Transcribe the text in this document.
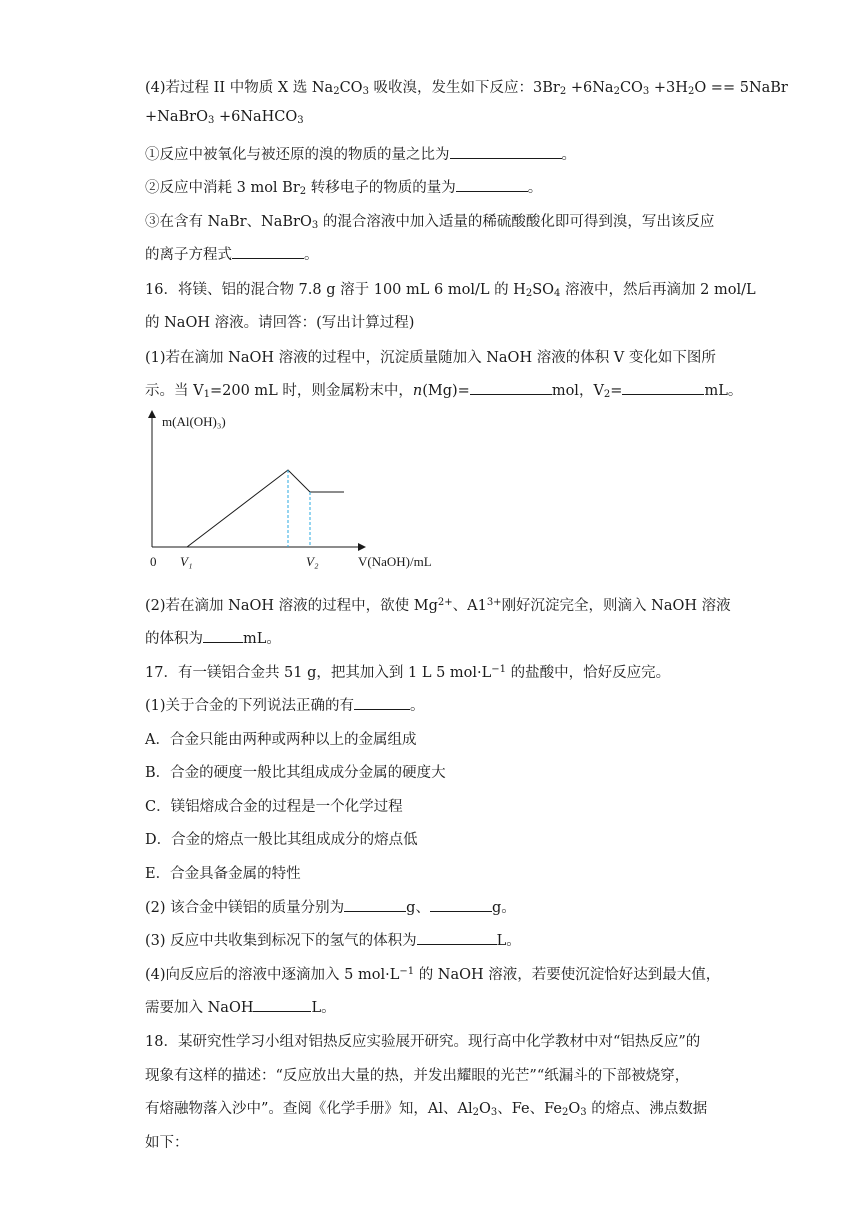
(4)若过程 II 中物质 X 选 $Na_2CO_3$ 吸收溴，发生如下反应：$3Br_2 +6Na_2CO_3 +3H_2O$ == 5NaBr
+NaBrO$_3$ +6NaHCO$_3$
①反应中被氧化与被还原的溴的物质的量之比为	。
②反应中消耗 3 mol $Br_2$ 转移电子的物质的量为	。
③在含有 NaBr、NaBrO$_3$ 的混合溶液中加入适量的稀硫酸酸化即可得到溴，写出该反应
的离子方程式	。
16．将镁、铝的混合物 7.8 g 溶于 100 mL 6 mol/L 的 $H_2SO_4$ 溶液中，然后再滴加 2 mol/L
的 NaOH 溶液。请回答：(写出计算过程)
(1)若在滴加 NaOH 溶液的过程中，沉淀质量随加入 NaOH 溶液的体积 V 变化如下图所
示。当 $V_1=200$ mL 时，则金属粉末中，n(Mg)=	mol，$V_2=$	mL。
m(Al(OH)₃)
0 V₁	V₂	V(NaOH)/mL
(2)若在滴加 NaOH 溶液的过程中，欲使 $Mg^{2+}$、$A1^{3+}$刚好沉淀完全，则滴入 NaOH 溶液
的体积为	mL。
17．有一镁铝合金共 51 g，把其加入到 1 L 5 $mol\cdot L^{-1}$ 的盐酸中，恰好反应完。
(1)关于合金的下列说法正确的有	。
A．合金只能由两种或两种以上的金属组成
B．合金的硬度一般比其组成成分金属的硬度大
C．镁铝熔成合金的过程是一个化学过程
D．合金的熔点一般比其组成成分的熔点低
E．合金具备金属的特性
(2) 该合金中镁铝的质量分别为	g、	g。
(3) 反应中共收集到标况下的氢气的体积为	L。
(4)向反应后的溶液中逐滴加入 5 $mol\cdot L^{-1}$ 的 NaOH 溶液，若要使沉淀恰好达到最大值，
需要加入 NaOH	L。
18．某研究性学习小组对铝热反应实验展开研究。现行高中化学教材中对“铝热反应”的
现象有这样的描述：“反应放出大量的热，并发出耀眼的光芒”“纸漏斗的下部被烧穿，
有熔融物落入沙中”。查阅《化学手册》知，Al、$Al_2O_3$、Fe、$Fe_2O_3$ 的熔点、沸点数据
如下：
